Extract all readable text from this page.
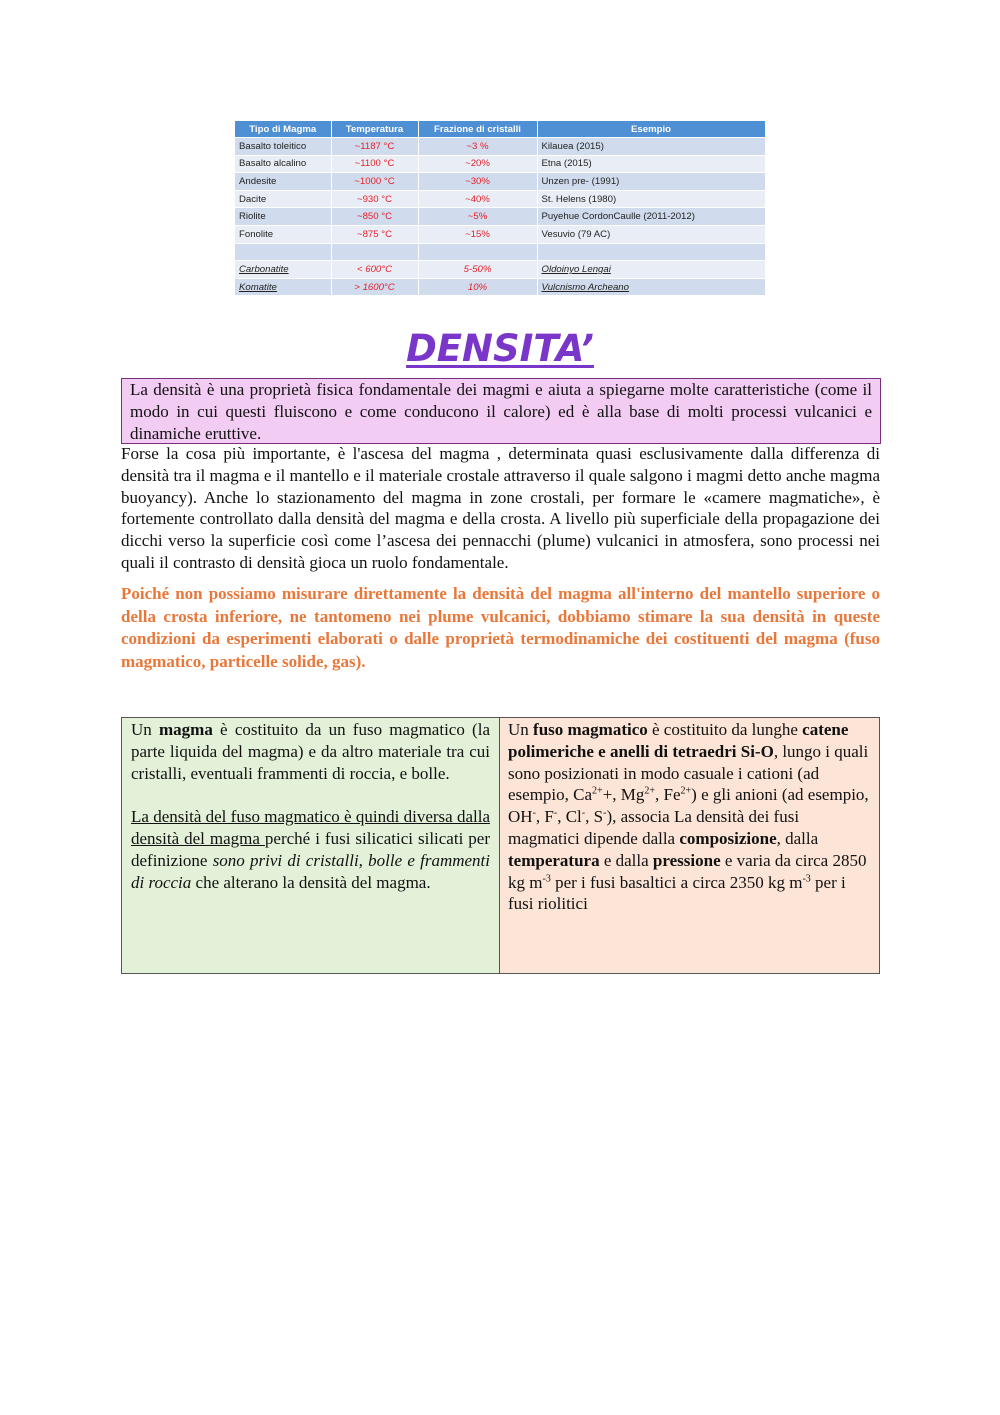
Tipo di Magma	Temperatura	Frazione di cristalli	Esempio
Basalto toleitico	~1187 °C	~3 %	Kilauea (2015)
Basalto alcalino	~1100 °C	~20%	Etna (2015)
Andesite	~1000 °C	~30%	Unzen pre- (1991)
Dacite	~930 °C	~40%	St. Helens (1980)
Riolite	~850 °C	~5%	Puyehue CordonCaulle (2011-2012)
Fonolite	~875 °C	~15%	Vesuvio (79 AC)

Carbonatite	< 600°C	5-50%	Oldoinyo Lengai
Komatite	> 1600°C	10%	Vulcnismo Archeano
DENSITA’
La densità è una proprietà fisica fondamentale dei magmi e aiuta a spiegarne molte caratteristiche (come il modo in cui questi fluiscono e come conducono il calore) ed è alla base di molti processi vulcanici e dinamiche eruttive.

Forse la cosa più importante, è l'ascesa del magma , determinata quasi esclusivamente dalla differenza di densità tra il magma e il mantello e il materiale crostale attraverso il quale salgono i magmi detto anche magma buoyancy). Anche lo stazionamento del magma in zone crostali, per formare le «camere magmatiche», è fortemente controllato dalla densità del magma e della crosta. A livello più superficiale della propagazione dei dicchi verso la superficie così come l’ascesa dei pennacchi (plume) vulcanici in atmosfera, sono processi nei quali il contrasto di densità gioca un ruolo fondamentale.

Poiché non possiamo misurare direttamente la densità del magma all'interno del mantello superiore o della crosta inferiore, ne tantomeno nei plume vulcanici, dobbiamo stimare la sua densità in queste condizioni da esperimenti elaborati o dalle proprietà termodinamiche dei costituenti del magma (fuso magmatico, particelle solide, gas).

Un magma è costituito da un fuso magmatico (la parte liquida del magma) e da altro materiale tra cui cristalli, eventuali frammenti di roccia, e bolle.

La densità del fuso magmatico è quindi diversa dalla densità del magma perché i fusi silicatici silicati per definizione sono privi di cristalli, bolle e frammenti di roccia che alterano la densità del magma.

Un fuso magmatico è costituito da lunghe catene polimeriche e anelli di tetraedri Si-O, lungo i quali sono posizionati in modo casuale i cationi (ad esempio, $Ca^{2+}+$, $Mg^{2+}$, $Fe^{2+}$) e gli anioni (ad esempio, OH-, F-, Cl-, S-), associa La densità dei fusi magmatici dipende dalla composizione, dalla temperatura e dalla pressione e varia da circa 2850 kg $m^{-3}$ per i fusi basaltici a circa 2350 kg $m^{-3}$ per i fusi riolitici
